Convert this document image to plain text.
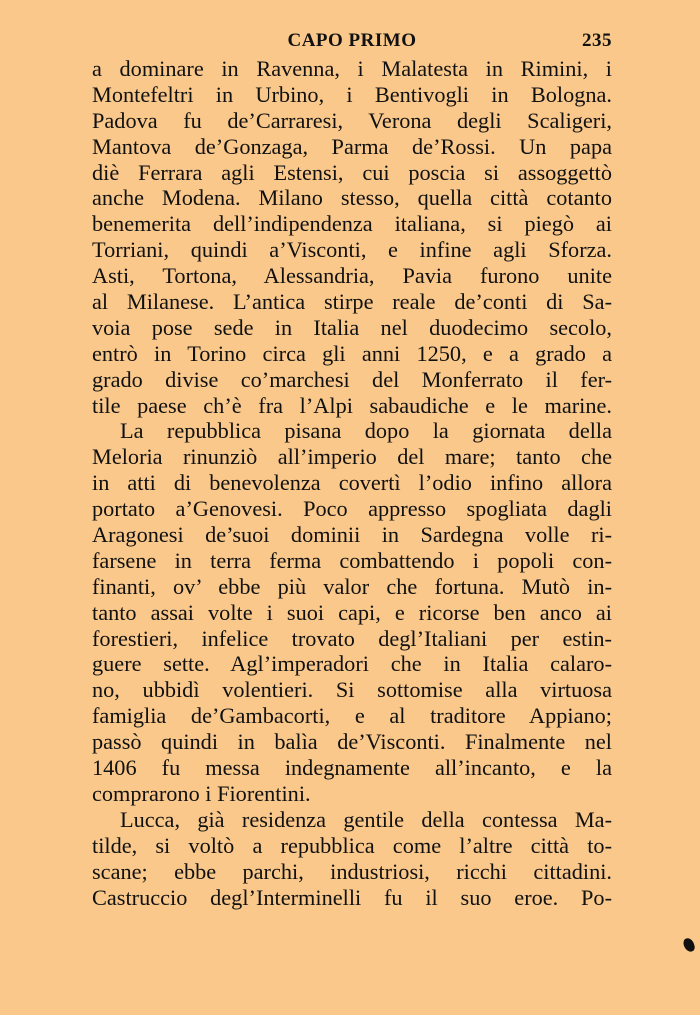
CAPO PRIMO	235
a dominare in Ravenna, i Malatesta in Rimini, i
Montefeltri in Urbino, i Bentivogli in Bologna.
Padova fu de’Carraresi, Verona degli Scaligeri,
Mantova de’Gonzaga, Parma de’Rossi. Un papa
diè Ferrara agli Estensi, cui poscia si assoggettò
anche Modena. Milano stesso, quella città cotanto
benemerita dell’indipendenza italiana, si piegò ai
Torriani, quindi a’Visconti, e infine agli Sforza.
Asti, Tortona, Alessandria, Pavia furono unite
al Milanese. L’antica stirpe reale de’conti di Sa-
voia pose sede in Italia nel duodecimo secolo,
entrò in Torino circa gli anni 1250, e a grado a
grado divise co’marchesi del Monferrato il fer-
tile paese ch’è fra l’Alpi sabaudiche e le marine.
La repubblica pisana dopo la giornata della
Meloria rinunziò all’imperio del mare; tanto che
in atti di benevolenza covertì l’odio infino allora
portato a’Genovesi. Poco appresso spogliata dagli
Aragonesi de’suoi dominii in Sardegna volle ri-
farsene in terra ferma combattendo i popoli con-
finanti, ov’ ebbe più valor che fortuna. Mutò in-
tanto assai volte i suoi capi, e ricorse ben anco ai
forestieri, infelice trovato degl’Italiani per estin-
guere sette. Agl’imperadori che in Italia calaro-
no, ubbidì volentieri. Si sottomise alla virtuosa
famiglia de’Gambacorti, e al traditore Appiano;
passò quindi in balìa de’Visconti. Finalmente nel
1406 fu messa indegnamente all’incanto, e la
comprarono i Fiorentini.
Lucca, già residenza gentile della contessa Ma-
tilde, si voltò a repubblica come l’altre città to-
scane; ebbe parchi, industriosi, ricchi cittadini.
Castruccio degl’Interminelli fu il suo eroe. Po-
